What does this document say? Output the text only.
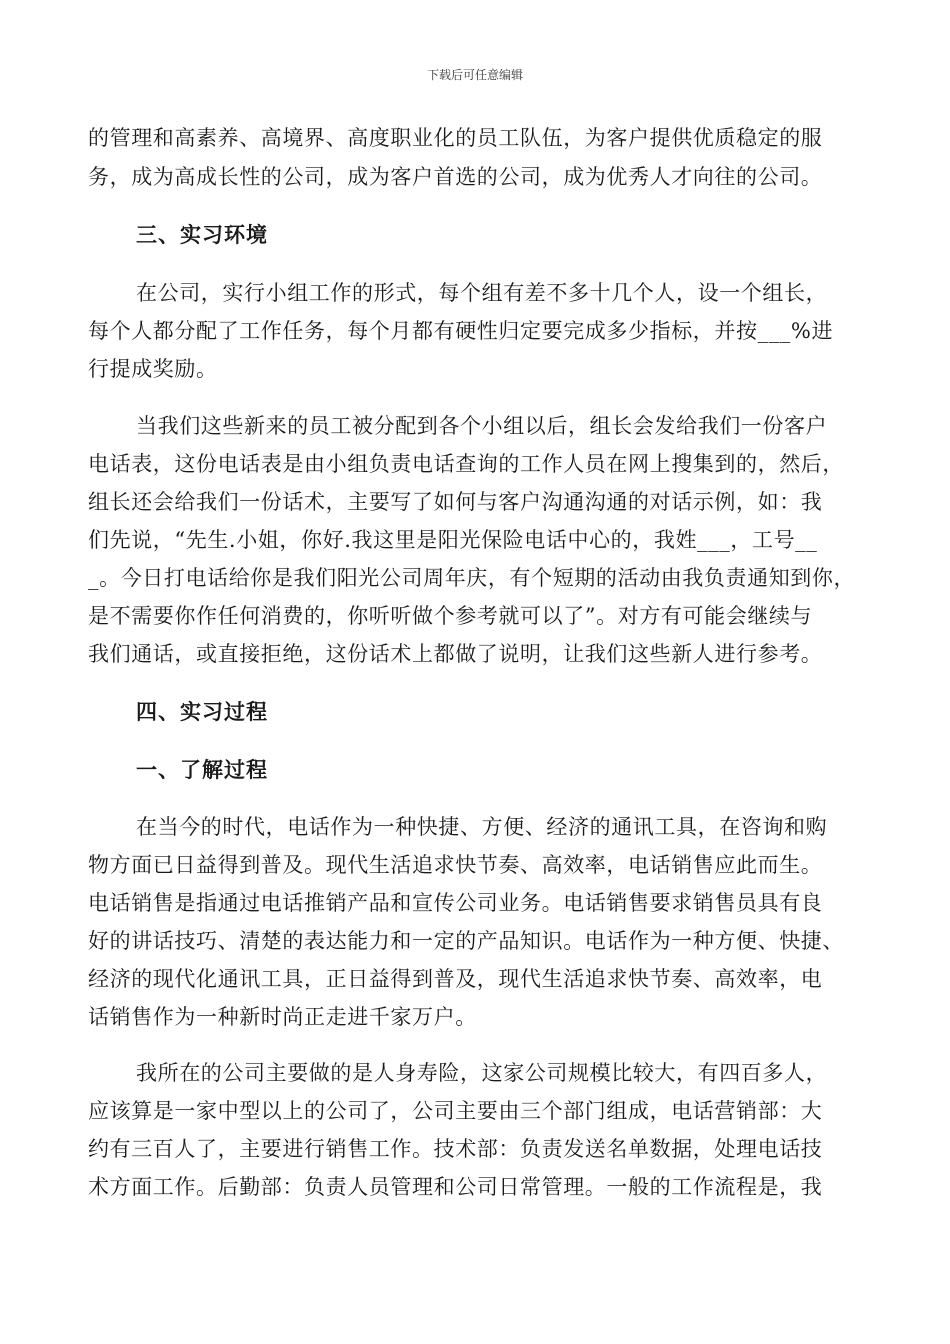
下载后可任意编辑
的管理和高素养、高境界、高度职业化的员工队伍，为客户提供优质稳定的服
务，成为高成长性的公司，成为客户首选的公司，成为优秀人才向往的公司。
三、实习环境
在公司，实行小组工作的形式，每个组有差不多十几个人，设一个组长，
每个人都分配了工作任务，每个月都有硬性归定要完成多少指标，并按___%进
行提成奖励。
当我们这些新来的员工被分配到各个小组以后，组长会发给我们一份客户
电话表，这份电话表是由小组负责电话查询的工作人员在网上搜集到的，然后，
组长还会给我们一份话术，主要写了如何与客户沟通沟通的对话示例，如：我
们先说，“先生.小姐，你好.我这里是阳光保险电话中心的，我姓___，工号__
_。今日打电话给你是我们阳光公司周年庆，有个短期的活动由我负责通知到你，
是不需要你作任何消费的，你听听做个参考就可以了”。对方有可能会继续与
我们通话，或直接拒绝，这份话术上都做了说明，让我们这些新人进行参考。
四、实习过程
一、了解过程
在当今的时代，电话作为一种快捷、方便、经济的通讯工具，在咨询和购
物方面已日益得到普及。现代生活追求快节奏、高效率，电话销售应此而生。
电话销售是指通过电话推销产品和宣传公司业务。电话销售要求销售员具有良
好的讲话技巧、清楚的表达能力和一定的产品知识。电话作为一种方便、快捷、
经济的现代化通讯工具，正日益得到普及，现代生活追求快节奏、高效率，电
话销售作为一种新时尚正走进千家万户。
我所在的公司主要做的是人身寿险，这家公司规模比较大，有四百多人，
应该算是一家中型以上的公司了，公司主要由三个部门组成，电话营销部：大
约有三百人了，主要进行销售工作。技术部：负责发送名单数据，处理电话技
术方面工作。后勤部：负责人员管理和公司日常管理。一般的工作流程是，我
